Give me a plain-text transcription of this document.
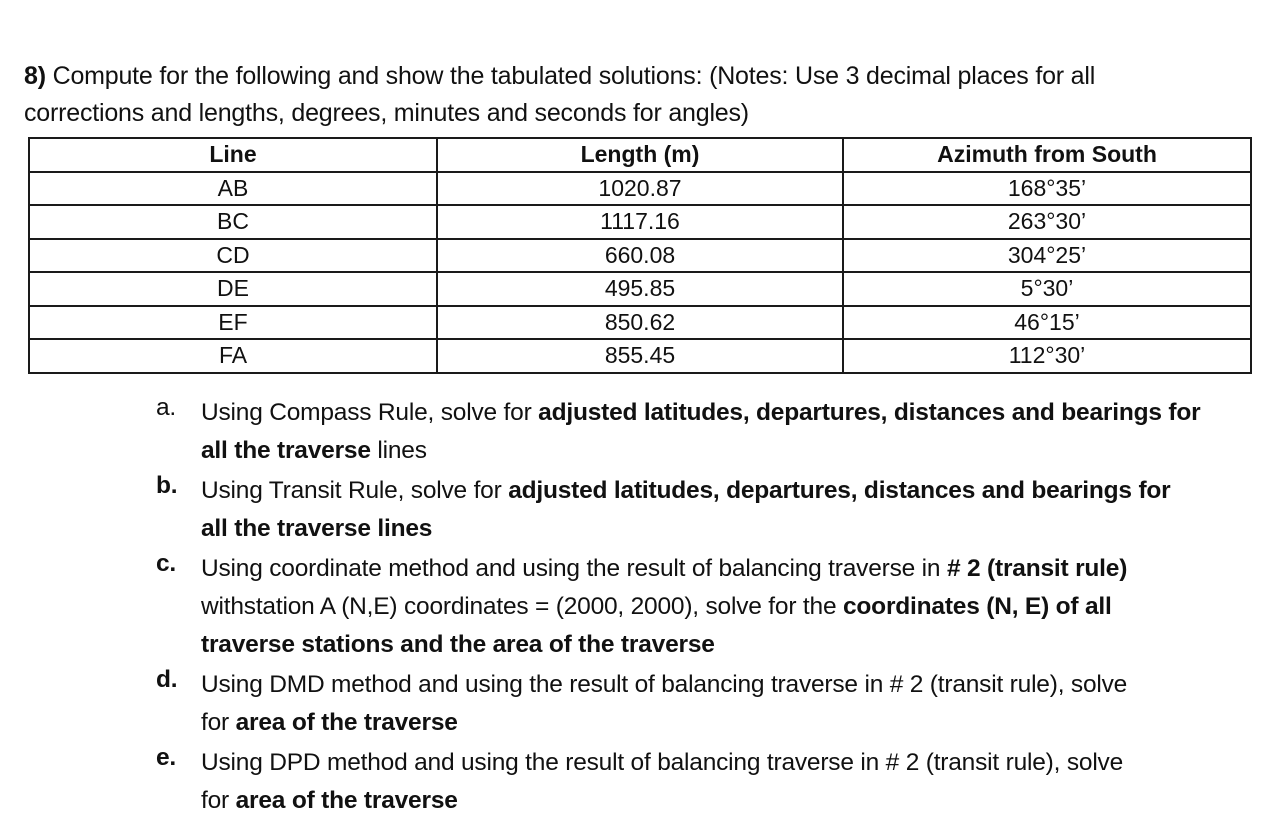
8) Compute for the following and show the tabulated solutions: (Notes: Use 3 decimal places for all
corrections and lengths, degrees, minutes and seconds for angles)
Line	Length (m)	Azimuth from South
AB	1020.87	168°35’
BC	1117.16	263°30’
CD	660.08	304°25’
DE	495.85	5°30’
EF	850.62	46°15’
FA	855.45	112°30’
a. Using Compass Rule, solve for adjusted latitudes, departures, distances and bearings for
all the traverse lines
b. Using Transit Rule, solve for adjusted latitudes, departures, distances and bearings for
all the traverse lines
c. Using coordinate method and using the result of balancing traverse in # 2 (transit rule)
withstation A (N,E) coordinates = (2000, 2000), solve for the coordinates (N, E) of all
traverse stations and the area of the traverse
d. Using DMD method and using the result of balancing traverse in # 2 (transit rule), solve
for area of the traverse
e. Using DPD method and using the result of balancing traverse in # 2 (transit rule), solve
for area of the traverse
